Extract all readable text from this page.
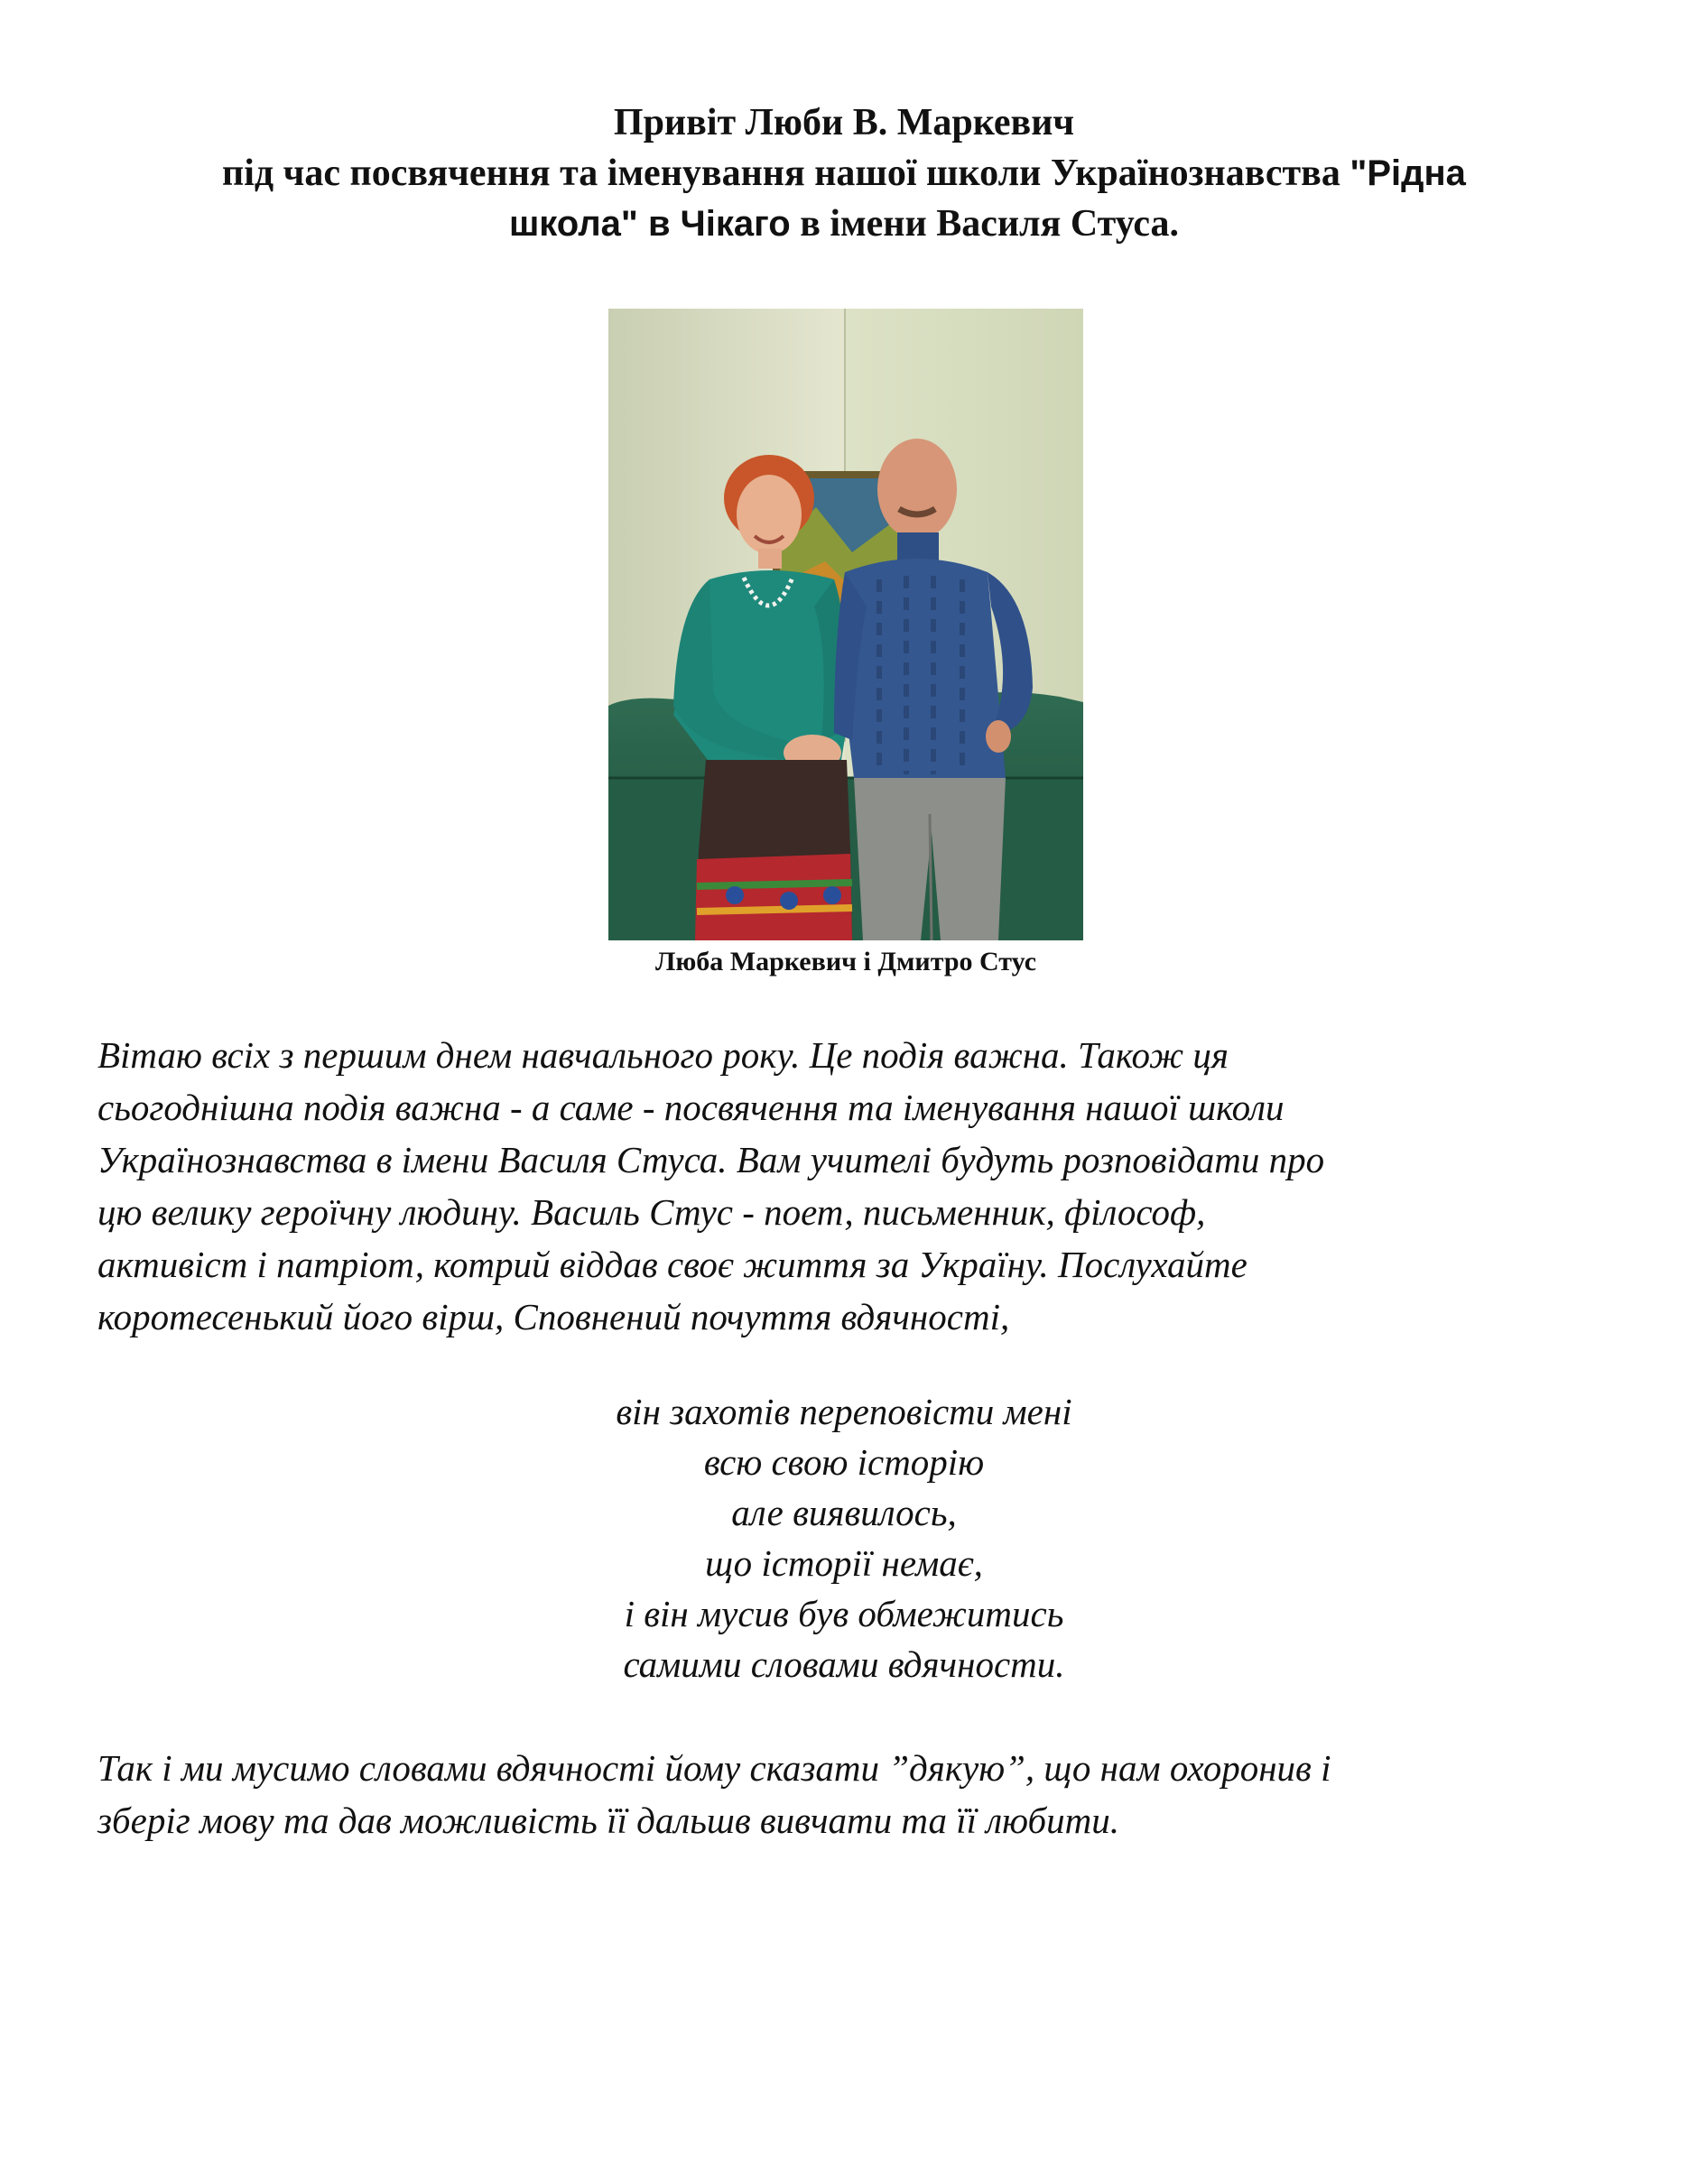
Привіт Люби В. Маркевич
під час посвячення та іменування нашої школи Українознавства "Рідна
школа" в Чікаго в імени Василя Стуса.
Люба Маркевич і Дмитро Стус

Вітаю всіх з першим днем навчального року. Це подія важна. Також ця
сьогоднішна подія важна - а саме - посвячення та іменування нашої школи
Українознавства в імени Василя Стуса. Вам учителі будуть розповідати про
цю велику героїчну людину. Василь Стус - поет, письменник, філософ,
активіст і патріот, котрий віддав своє життя за Україну. Послухайте
коротесенький його вірш, Сповнений почуття вдячності,

він захотів переповісти мені
всю свою історію
але виявилось,
що історії немає,
і він мусив був обмежитись
самими словами вдячности.

Так і ми мусимо словами вдячності йому сказати ”дякую”, що нам охоронив і
зберіг мову та дав можливість її дальшв вивчати та її любити.
